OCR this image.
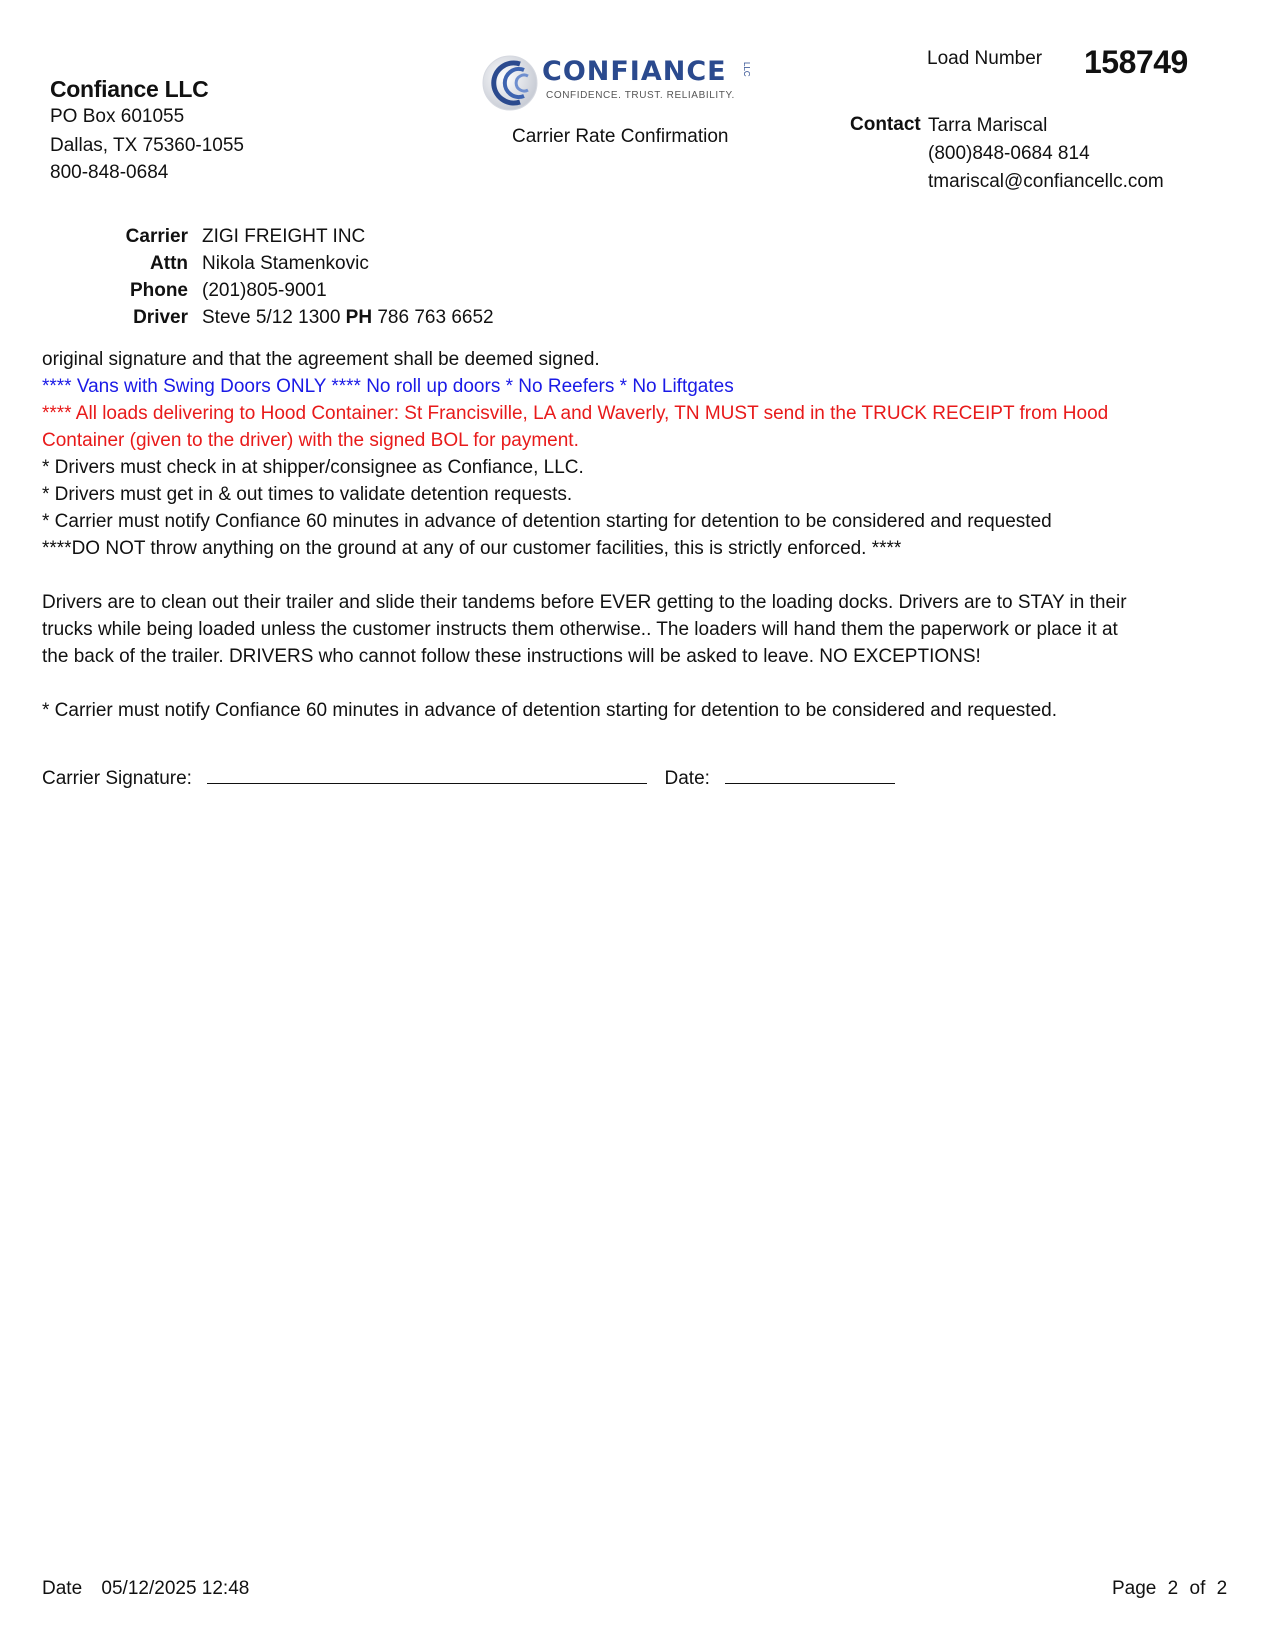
Confiance LLC
PO Box 601055
Dallas, TX 75360-1055
800-848-0684
CONFIANCE LLC
CONFIDENCE. TRUST. RELIABILITY.
Carrier Rate Confirmation
Load Number 158749
Contact Tarra Mariscal
(800)848-0684 814
tmariscal@confiancellc.com
Carrier ZIGI FREIGHT INC
Attn Nikola Stamenkovic
Phone (201)805-9001
Driver Steve 5/12 1300 PH 786 763 6652
original signature and that the agreement shall be deemed signed.
**** Vans with Swing Doors ONLY **** No roll up doors * No Reefers * No Liftgates
**** All loads delivering to Hood Container: St Francisville, LA and Waverly, TN MUST send in the TRUCK RECEIPT from Hood
Container (given to the driver) with the signed BOL for payment.
* Drivers must check in at shipper/consignee as Confiance, LLC.
* Drivers must get in & out times to validate detention requests.
* Carrier must notify Confiance 60 minutes in advance of detention starting for detention to be considered and requested
****DO NOT throw anything on the ground at any of our customer facilities, this is strictly enforced. ****
Drivers are to clean out their trailer and slide their tandems before EVER getting to the loading docks. Drivers are to STAY in their
trucks while being loaded unless the customer instructs them otherwise.. The loaders will hand them the paperwork or place it at
the back of the trailer. DRIVERS who cannot follow these instructions will be asked to leave. NO EXCEPTIONS!
* Carrier must notify Confiance 60 minutes in advance of detention starting for detention to be considered and requested.
Carrier Signature:	Date:
Date 05/12/2025 12:48	Page 2 of 2
